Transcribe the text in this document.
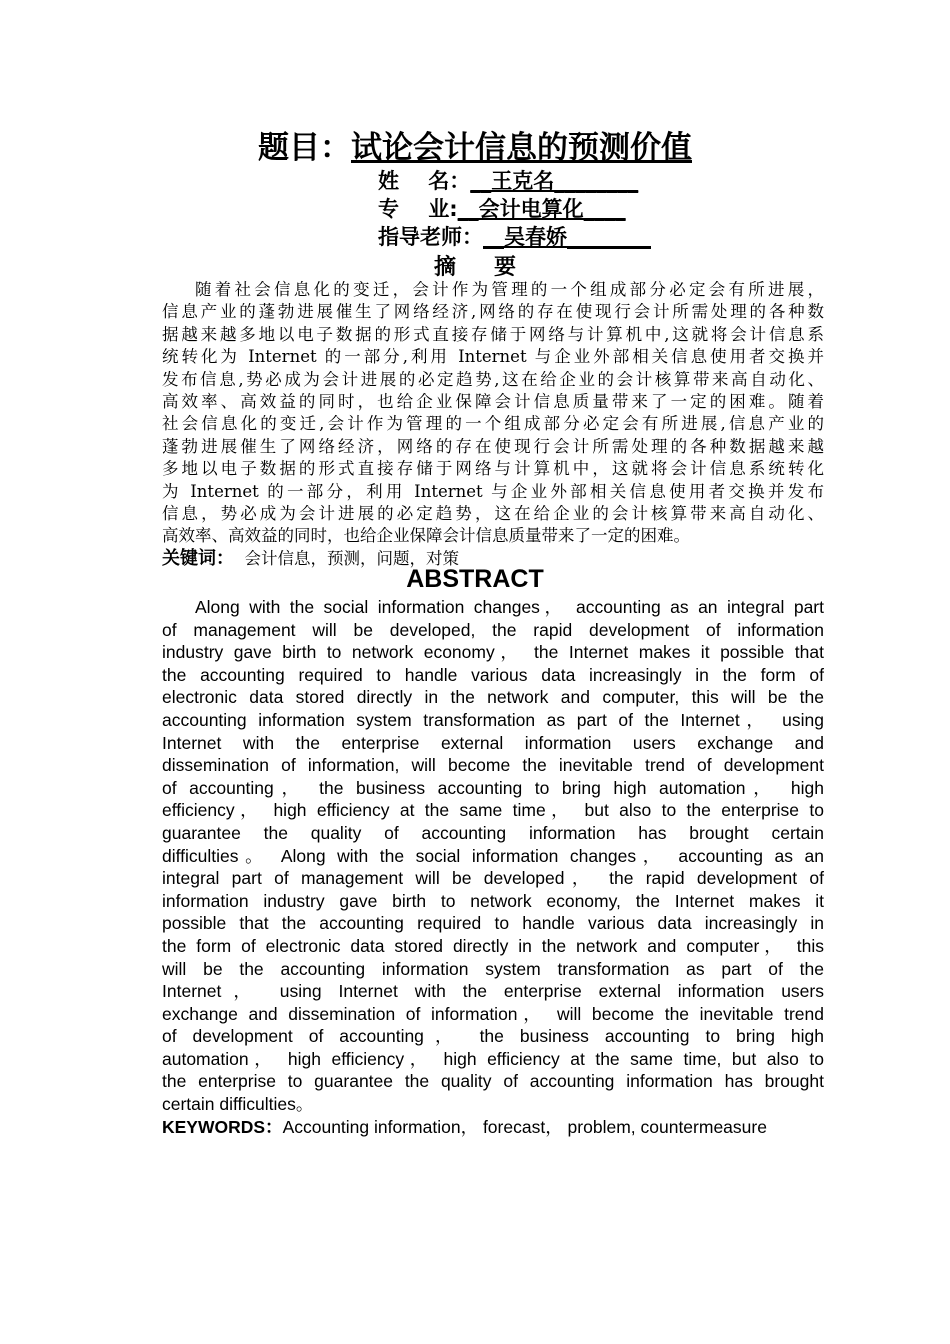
题目：试论会计信息的预测价值
姓    名：__王克名________
专    业:__会计电算化____
指导老师：__吴春娇________
摘要
随着社会信息化的变迁，会计作为管理的一个组成部分必定会有所进展，
信息产业的蓬勃进展催生了网络经济,网络的存在使现行会计所需处理的各种数
据越来越多地以电子数据的形式直接存储于网络与计算机中,这就将会计信息系
统转化为 Internet 的一部分,利用 Internet 与企业外部相关信息使用者交换并
发布信息,势必成为会计进展的必定趋势,这在给企业的会计核算带来高自动化、
高效率、高效益的同时，也给企业保障会计信息质量带来了一定的困难。随着
社会信息化的变迁,会计作为管理的一个组成部分必定会有所进展,信息产业的
蓬勃进展催生了网络经济，网络的存在使现行会计所需处理的各种数据越来越
多地以电子数据的形式直接存储于网络与计算机中，这就将会计信息系统转化
为 Internet 的一部分，利用 Internet 与企业外部相关信息使用者交换并发布
信息，势必成为会计进展的必定趋势，这在给企业的会计核算带来高自动化、
高效率、高效益的同时，也给企业保障会计信息质量带来了一定的困难。
关键词： 会计信息，预测，问题，对策
ABSTRACT
Along with the social information changes， accounting as an integral part
of management will be developed, the rapid development of information
industry gave birth to network economy， the Internet makes it possible that
the accounting required to handle various data increasingly in the form of
electronic data stored directly in the network and computer, this will be the
accounting information system transformation as part of the Internet， using
Internet with the enterprise external information users exchange and
dissemination of information, will become the inevitable trend of development
of accounting， the business accounting to bring high automation， high
efficiency， high efficiency at the same time， but also to the enterprise to
guarantee the quality of accounting information has brought certain
difficulties。 Along with the social information changes， accounting as an
integral part of management will be developed， the rapid development of
information industry gave birth to network economy, the Internet makes it
possible that the accounting required to handle various data increasingly in
the form of electronic data stored directly in the network and computer， this
will be the accounting information system transformation as part of the
Internet， using Internet with the enterprise external information users
exchange and dissemination of information， will become the inevitable trend
of development of accounting， the business accounting to bring high
automation， high efficiency， high efficiency at the same time, but also to
the enterprise to guarantee the quality of accounting information has brought
certain difficulties。
KEYWORDS：Accounting information， forecast， problem, countermeasure
